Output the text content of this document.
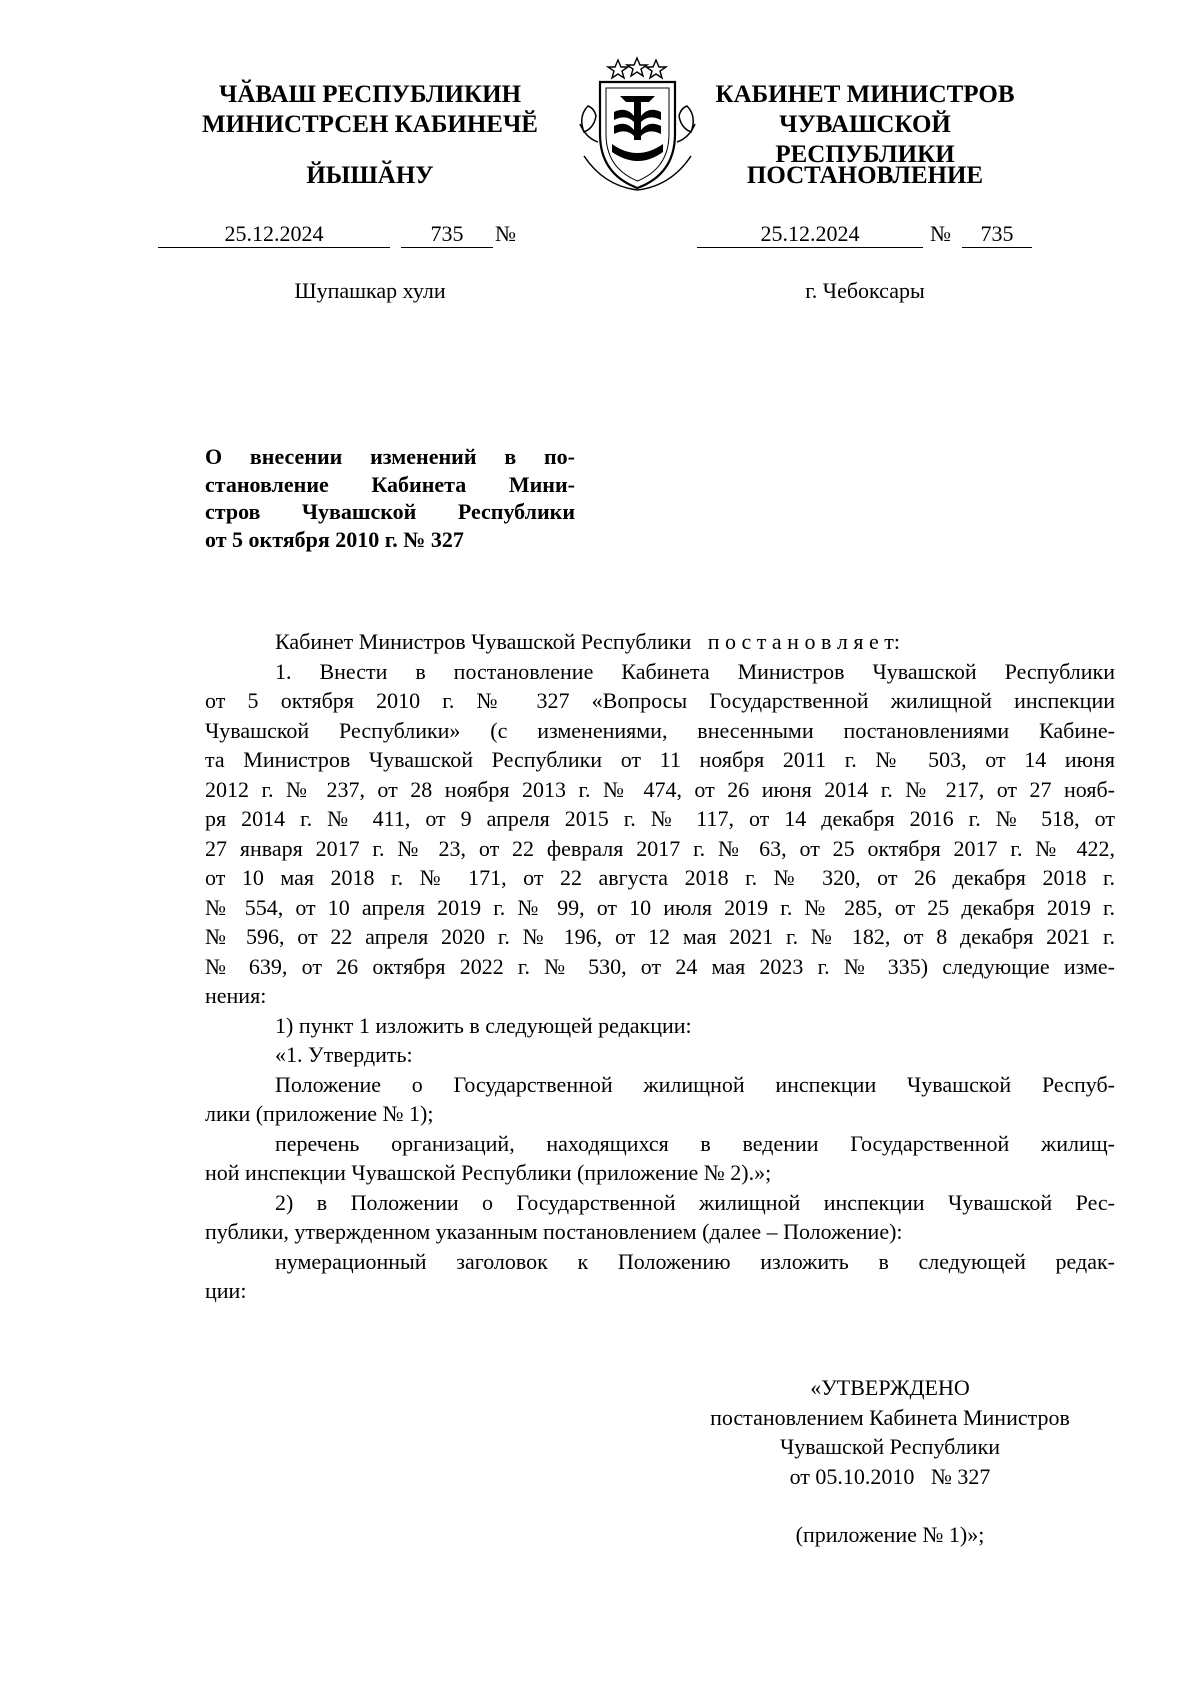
ЧӐВАШ РЕСПУБЛИКИН
МИНИСТРСЕН КАБИНЕЧӖ
ЙЫШӐНУ
КАБИНЕТ МИНИСТРОВ
ЧУВАШСКОЙ РЕСПУБЛИКИ
ПОСТАНОВЛЕНИЕ
25.12.2024	735	№	25.12.2024	№	735
Шупашкар хули	г. Чебоксары
О внесении изменений в по-
становление Кабинета Мини-
стров Чувашской Республики
от 5 октября 2010 г. № 327

Кабинет Министров Чувашской Республики п о с т а н о в л я е т:

1. Внести в постановление Кабинета Министров Чувашской Республики

от 5 октября 2010 г. № 327 «Вопросы Государственной жилищной инспекции

Чувашской Республики» (с изменениями, внесенными постановлениями Кабине-

та Министров Чувашской Республики от 11 ноября 2011 г. № 503, от 14 июня

2012 г. № 237, от 28 ноября 2013 г. № 474, от 26 июня 2014 г. № 217, от 27 нояб-

ря 2014 г. № 411, от 9 апреля 2015 г. № 117, от 14 декабря 2016 г. № 518, от

27 января 2017 г. № 23, от 22 февраля 2017 г. № 63, от 25 октября 2017 г. № 422,

от 10 мая 2018 г. № 171, от 22 августа 2018 г. № 320, от 26 декабря 2018 г.

№ 554, от 10 апреля 2019 г. № 99, от 10 июля 2019 г. № 285, от 25 декабря 2019 г.

№ 596, от 22 апреля 2020 г. № 196, от 12 мая 2021 г. № 182, от 8 декабря 2021 г.

№ 639, от 26 октября 2022 г. № 530, от 24 мая 2023 г. № 335) следующие изме-

нения:

1) пункт 1 изложить в следующей редакции:

«1. Утвердить:

Положение о Государственной жилищной инспекции Чувашской Респуб-

лики (приложение № 1);

перечень организаций, находящихся в ведении Государственной жилищ-

ной инспекции Чувашской Республики (приложение № 2).»;

2) в Положении о Государственной жилищной инспекции Чувашской Рес-

публики, утвержденном указанным постановлением (далее – Положение):

нумерационный заголовок к Положению изложить в следующей редак-

ции:

«УТВЕРЖДЕНО
постановлением Кабинета Министров
Чувашской Республики
от 05.10.2010   № 327
(приложение № 1)»;
